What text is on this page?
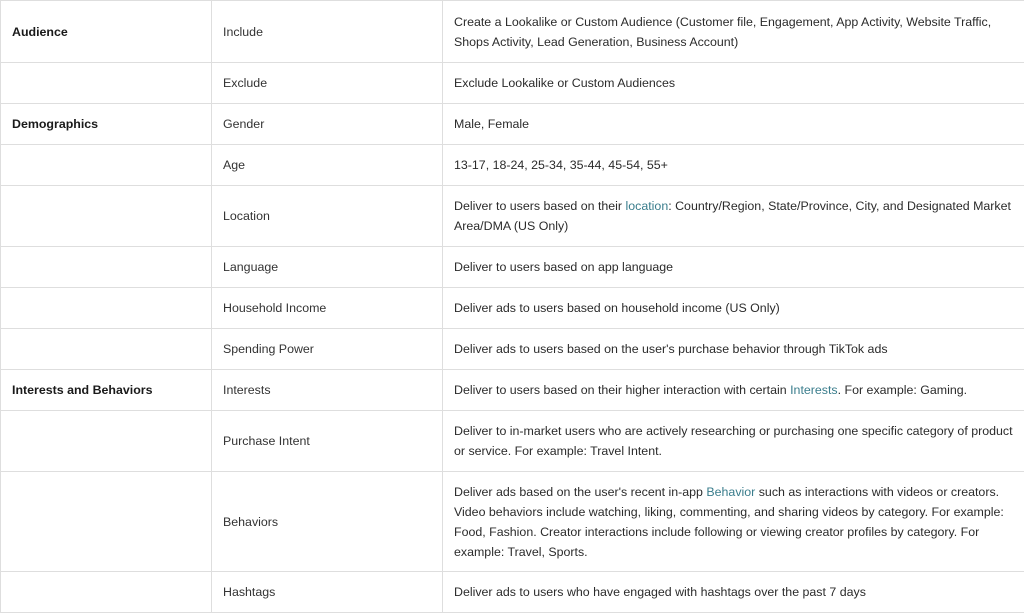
Audience	Include	Create a Lookalike or Custom Audience (Customer file, Engagement, App Activity, Website Traffic, Shops Activity, Lead Generation, Business Account)
	Exclude	Exclude Lookalike or Custom Audiences
Demographics	Gender	Male, Female
	Age	13-17, 18-24, 25-34, 35-44, 45-54, 55+
	Location	Deliver to users based on their location: Country/Region, State/Province, City, and Designated Market Area/DMA (US Only)
	Language	Deliver to users based on app language
	Household Income	Deliver ads to users based on household income (US Only)
	Spending Power	Deliver ads to users based on the user's purchase behavior through TikTok ads
Interests and Behaviors	Interests	Deliver to users based on their higher interaction with certain Interests. For example: Gaming.
	Purchase Intent	Deliver to in-market users who are actively researching or purchasing one specific category of product or service. For example: Travel Intent.
	Behaviors	Deliver ads based on the user's recent in-app Behavior such as interactions with videos or creators. Video behaviors include watching, liking, commenting, and sharing videos by category. For example: Food, Fashion. Creator interactions include following or viewing creator profiles by category. For example: Travel, Sports.
	Hashtags	Deliver ads to users who have engaged with hashtags over the past 7 days
